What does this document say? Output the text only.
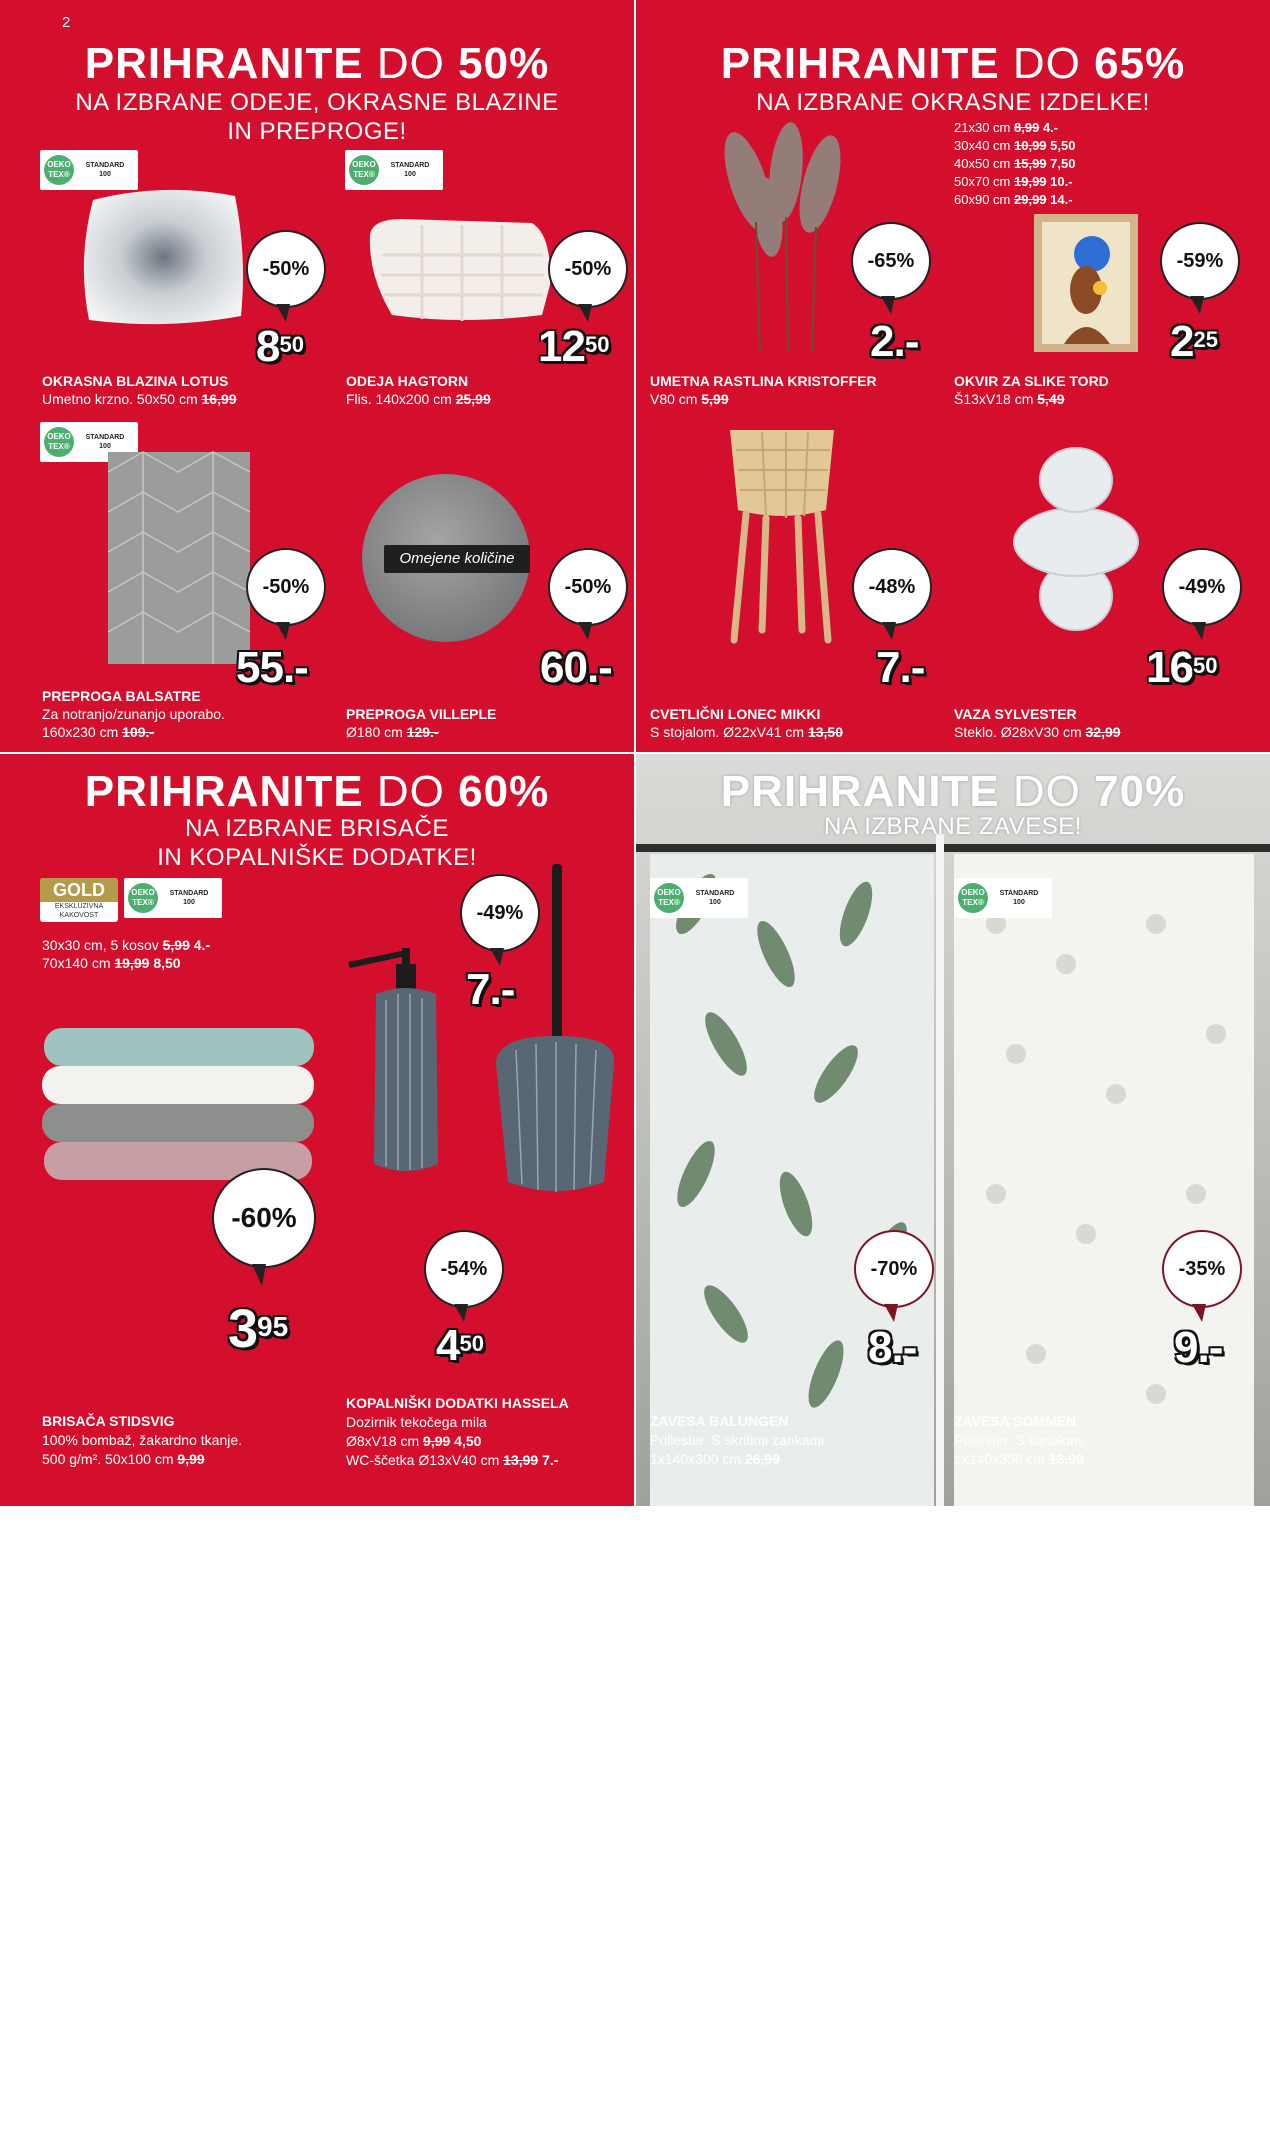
2
PRIHRANITE DO 50%
NA IZBRANE ODEJE, OKRASNE BLAZINE
IN PREPROGE!
OEKO TEX®
STANDARD 100
-50%
$8^{50}$
OKRASNA BLAZINA LOTUS
Umetno krzno. 50x50 cm 16,99
OEKO TEX®
STANDARD 100
-50%
$12^{50}$
ODEJA HAGTORN
Flis. 140x200 cm 25,99
OEKO TEX®
STANDARD 100
-50%
55.-
PREPROGA BALSATRE
Za notranjo/zunanjo uporabo.
160x230 cm 109.-
Omejene količine
-50%
60.-
PREPROGA VILLEPLE
Ø180 cm 129.-
PRIHRANITE DO 65%
NA IZBRANE OKRASNE IZDELKE!
21x30 cm 8,99 4.-
30x40 cm 10,99 5,50
40x50 cm 15,99 7,50
50x70 cm 19,99 10.-
60x90 cm 29,99 14.-
-65%
2.-
UMETNA RASTLINA KRISTOFFER
V80 cm 5,99
-59%
$2^{25}$
OKVIR ZA SLIKE TORD
Š13xV18 cm 5,49
-48%
7.-
CVETLIČNI LONEC MIKKI
S stojalom. Ø22xV41 cm 13,50
-49%
$16^{50}$
VAZA SYLVESTER
Steklo. Ø28xV30 cm 32,99
PRIHRANITE DO 60%
NA IZBRANE BRISAČE
IN KOPALNIŠKE DODATKE!
GOLD
EKSKLUZIVNA
KAKOVOST
OEKO TEX®
STANDARD 100
30x30 cm, 5 kosov 5,99 4.-
70x140 cm 19,99 8,50
-60%
$3^{95}$
♛
KRONBORG
OF DENMARK
BRISAČA STIDSVIG
100% bombaž, žakardno tkanje.
500 g/m². 50x100 cm 9,99
-49%
7.-
-54%
$4^{50}$
KOPALNIŠKI DODATKI HASSELA
Dozirnik tekočega mila
Ø8xV18 cm 9,99 4,50
WC-ščetka Ø13xV40 cm 13,99 7.-
PRIHRANITE DO 70%
NA IZBRANE ZAVESE!
OEKO TEX®
STANDARD 100
OEKO TEX®
STANDARD 100
-70%
8.-
ZAVESA BALUNGEN
Poliester. S skritimi zankami.
1x140x300 cm 26,99
-35%
9.-
ZAVESA SOMMEN
Poliester. S kanalom.
1x140x300 cm 13,99
